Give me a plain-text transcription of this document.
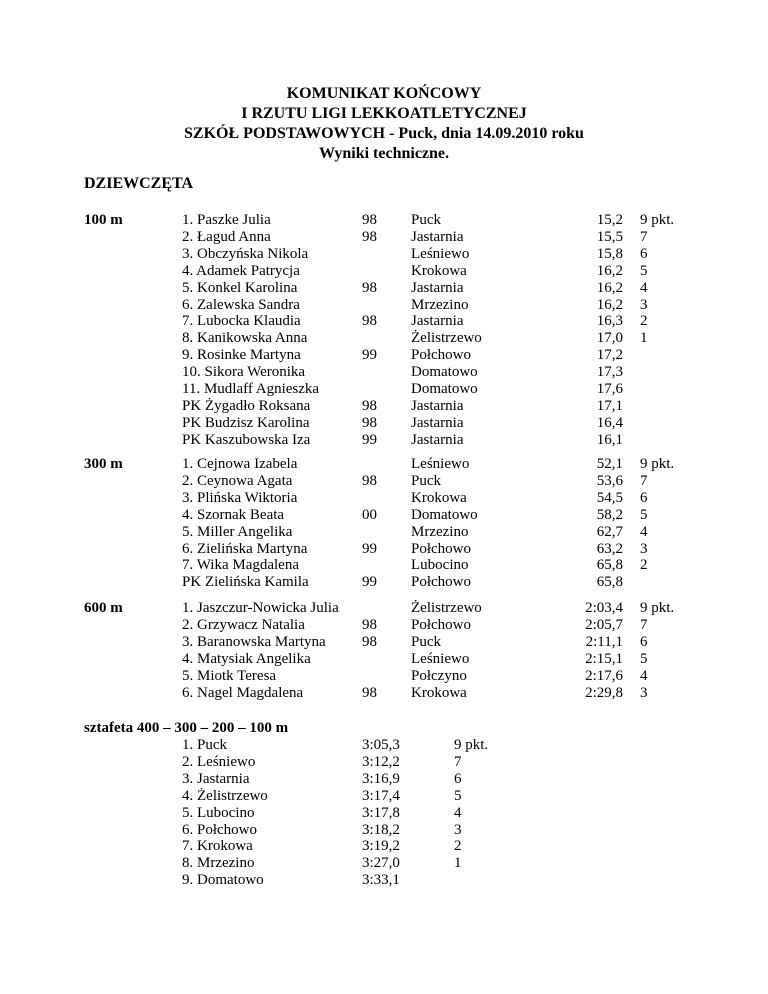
KOMUNIKAT KOŃCOWY
I RZUTU LIGI LEKKOATLETYCZNEJ
SZKÓŁ PODSTAWOWYCH - Puck, dnia 14.09.2010 roku
Wyniki techniczne.
DZIEWCZĘTA
100 m	1. Paszke Julia	98 Puck	15,2 9 pkt.
2. Łagud Anna	98 Jastarnia	15,5 7
3. Obczyńska Nikola	Leśniewo	15,8 6
4. Adamek Patrycja	Krokowa	16,2 5
5. Konkel Karolina	98 Jastarnia	16,2 4
6. Zalewska Sandra	Mrzezino	16,2 3
7. Lubocka Klaudia	98 Jastarnia	16,3 2
8. Kanikowska Anna	Żelistrzewo	17,0 1
9. Rosinke Martyna	99 Połchowo	17,2
10. Sikora Weronika	Domatowo	17,3
11. Mudlaff Agnieszka	Domatowo	17,6
PK Żygadło Roksana	98 Jastarnia	17,1
PK Budzisz Karolina	98 Jastarnia	16,4
PK Kaszubowska Iza	99 Jastarnia	16,1
300 m	1. Cejnowa Izabela	Leśniewo	52,1 9 pkt.
2. Ceynowa Agata	98 Puck	53,6 7
3. Plińska Wiktoria	Krokowa	54,5 6
4. Szornak Beata	00 Domatowo	58,2 5
5. Miller Angelika	Mrzezino	62,7 4
6. Zielińska Martyna	99 Połchowo	63,2 3
7. Wika Magdalena	Lubocino	65,8 2
PK Zielińska Kamila	99 Połchowo	65,8
600 m	1. Jaszczur-Nowicka Julia	Żelistrzewo	2:03,4 9 pkt.
2. Grzywacz Natalia	98 Połchowo	2:05,7 7
3. Baranowska Martyna 98 Puck	2:11,1 6
4. Matysiak Angelika	Leśniewo	2:15,1 5
5. Miotk Teresa	Połczyno	2:17,6 4
6. Nagel Magdalena	98 Krokowa	2:29,8 3
sztafeta 400 – 300 – 200 – 100 m
1. Puck	3:05,3	9 pkt.
2. Leśniewo	3:12,2	7
3. Jastarnia	3:16,9	6
4. Żelistrzewo	3:17,4	5
5. Lubocino	3:17,8	4
6. Połchowo	3:18,2	3
7. Krokowa	3:19,2	2
8. Mrzezino	3:27,0	1
9. Domatowo	3:33,1
